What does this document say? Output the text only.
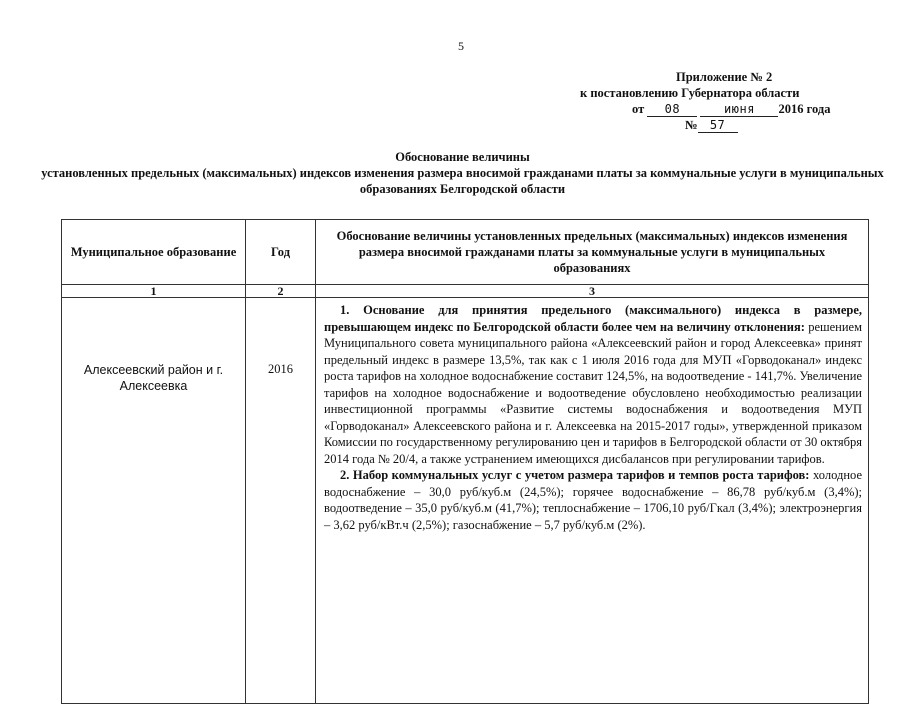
5
Приложение № 2
к постановлению Губернатора области
от 08	июня 2016 года
№ 57
Обоснование величины
установленных предельных (максимальных) индексов изменения размера вносимой гражданами платы за коммунальные услуги в муниципальных образованиях Белгородской области
Муниципальное образование	Год	Обоснование величины установленных предельных (максимальных) индексов изменения размера вносимой гражданами платы за коммунальные услуги в муниципальных образованиях
1	2	3
Алексеевский район и г. Алексеевка	2016	1. Основание для принятия предельного (максимального) индекса в размере, превышающем индекс по Белгородской области более чем на величину отклонения: решением Муниципального совета муниципального района «Алексеевский район и город Алексеевка» принят предельный индекс в размере 13,5%, так как с 1 июля 2016 года для МУП «Горводоканал» индекс роста тарифов на холодное водоснабжение составит 124,5%, на водоотведение - 141,7%. Увеличение тарифов на холодное водоснабжение и водоотведение обусловлено необходимостью реализации инвестиционной программы «Развитие системы водоснабжения и водоотведения МУП «Горводоканал» Алексеевского района и г. Алексеевка на 2015-2017 годы», утвержденной приказом Комиссии по государственному регулированию цен и тарифов в Белгородской области от 30 октября 2014 года № 20/4, а также устранением имеющихся дисбалансов при регулировании тарифов.

2. Набор коммунальных услуг с учетом размера тарифов и темпов роста тарифов: холодное водоснабжение – 30,0 руб/куб.м (24,5%); горячее водоснабжение – 86,78 руб/куб.м (3,4%); водоотведение – 35,0 руб/куб.м (41,7%); теплоснабжение – 1706,10 руб/Гкал (3,4%); электроэнергия – 3,62 руб/кВт.ч (2,5%); газоснабжение – 5,7 руб/куб.м (2%).
